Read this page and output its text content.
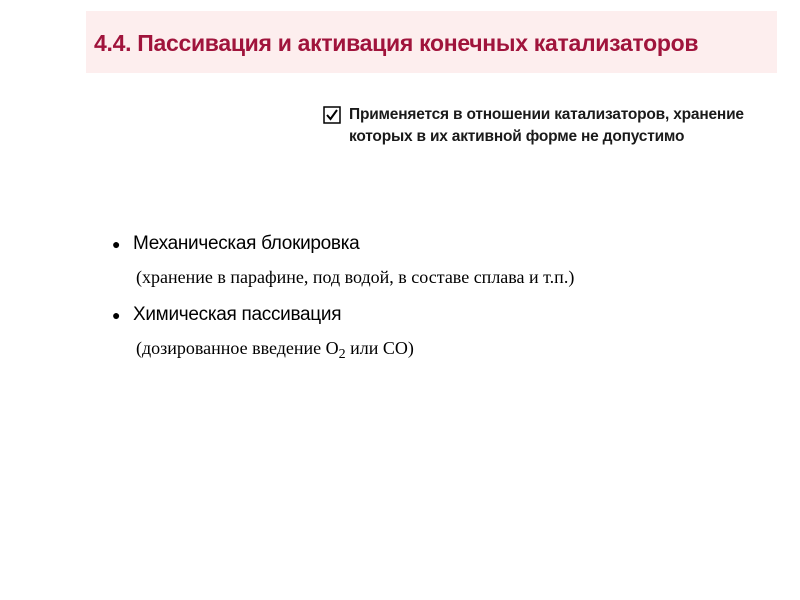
4.4. Пассивация и активация конечных катализаторов
Применяется в отношении катализаторов, хранение
которых в их активной форме не допустимо
● Механическая блокировка
(хранение в парафине, под водой, в составе сплава и т.п.)
● Химическая пассивация
(дозированное введение $O_2$ или CO)
